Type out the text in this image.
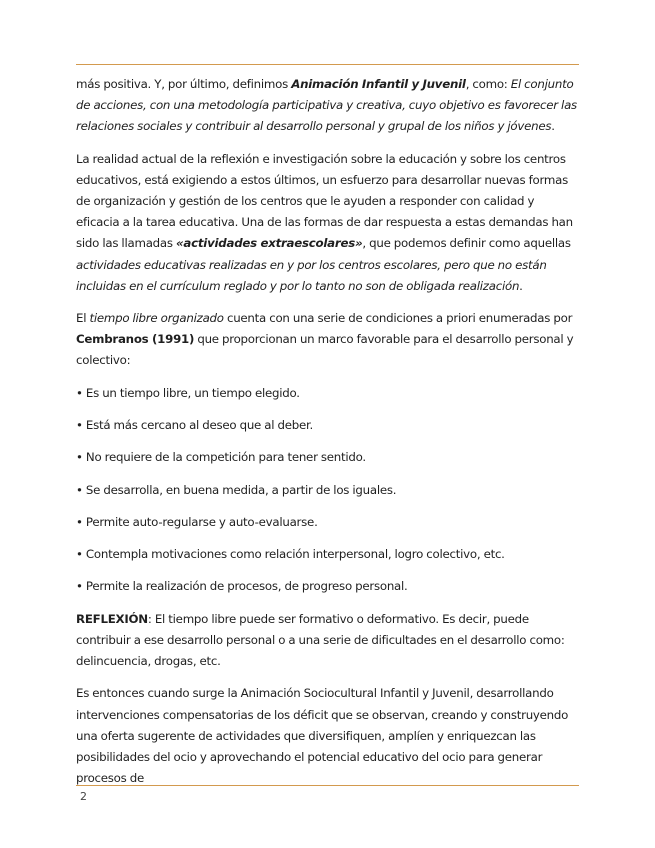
más positiva. Y, por último, definimos Animación Infantil y Juvenil, como: El conjunto de acciones, con una metodología participativa y creativa, cuyo objetivo es favorecer las relaciones sociales y contribuir al desarrollo personal y grupal de los niños y jóvenes.

La realidad actual de la reflexión e investigación sobre la educación y sobre los centros educativos, está exigiendo a estos últimos, un esfuerzo para desarrollar nuevas formas de organización y gestión de los centros que le ayuden a responder con calidad y eficacia a la tarea educativa. Una de las formas de dar respuesta a estas demandas han sido las llamadas «actividades extraescolares», que podemos definir como aquellas actividades educativas realizadas en y por los centros escolares, pero que no están incluidas en el currículum reglado y por lo tanto no son de obligada realización.

El tiempo libre organizado cuenta con una serie de condiciones a priori enumeradas por Cembranos (1991) que proporcionan un marco favorable para el desarrollo personal y colectivo:

• Es un tiempo libre, un tiempo elegido.

• Está más cercano al deseo que al deber.

• No requiere de la competición para tener sentido.

• Se desarrolla, en buena medida, a partir de los iguales.

• Permite auto-regularse y auto-evaluarse.

• Contempla motivaciones como relación interpersonal, logro colectivo, etc.

• Permite la realización de procesos, de progreso personal.

REFLEXIÓN: El tiempo libre puede ser formativo o deformativo. Es decir, puede contribuir a ese desarrollo personal o a una serie de dificultades en el desarrollo como: delincuencia, drogas, etc.

Es entonces cuando surge la Animación Sociocultural Infantil y Juvenil, desarrollando intervenciones compensatorias de los déficit que se observan, creando y construyendo una oferta sugerente de actividades que diversifiquen, amplíen y enriquezcan las posibilidades del ocio y aprovechando el potencial educativo del ocio para generar procesos de

2
